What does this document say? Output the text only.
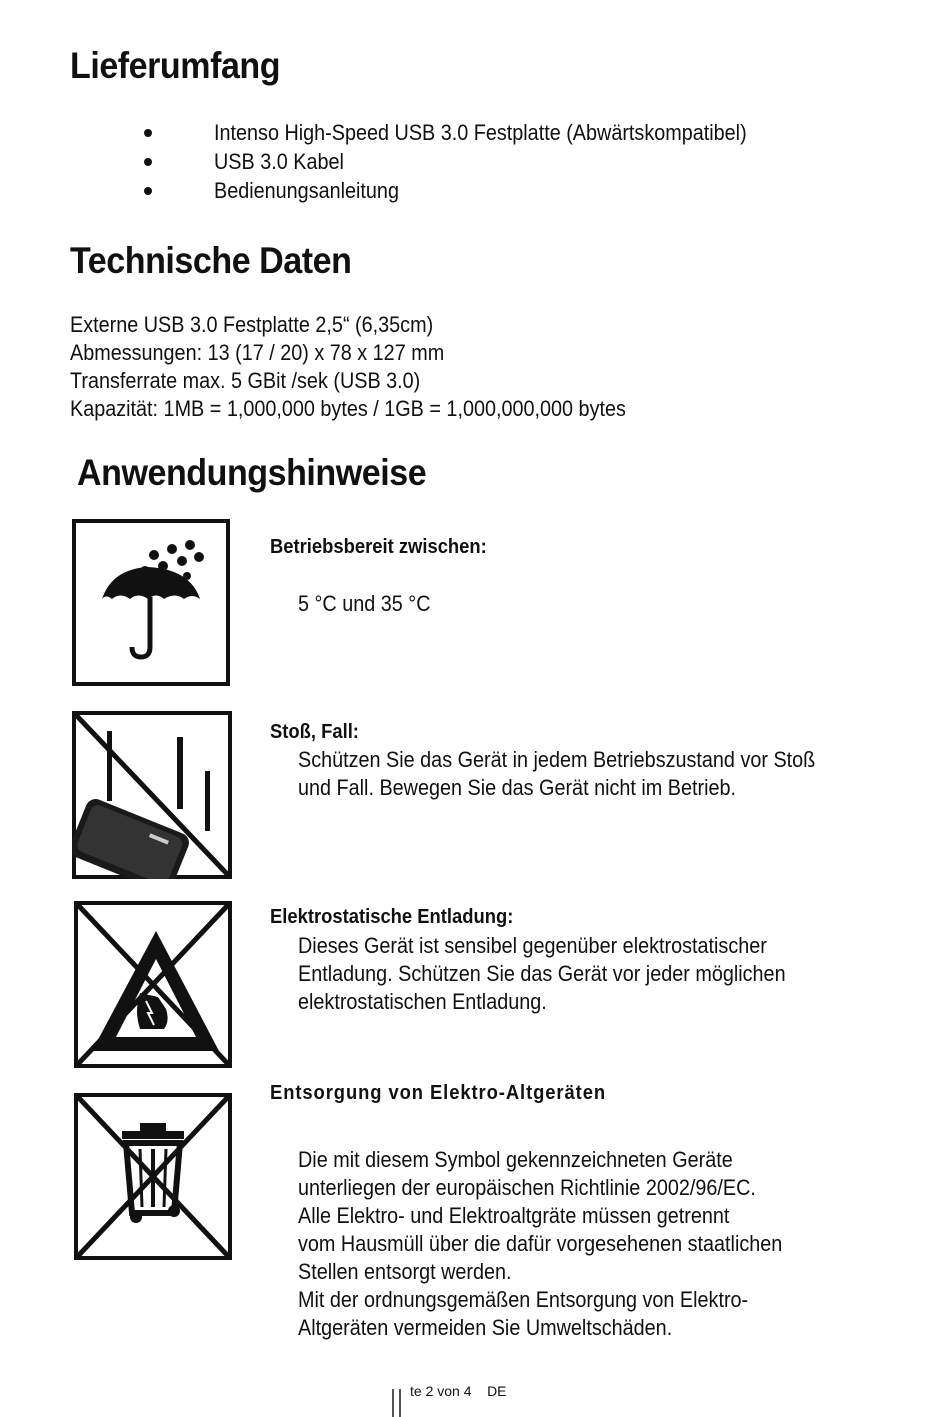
Lieferumfang
Intenso High-Speed USB 3.0 Festplatte (Abwärtskompatibel)
USB 3.0 Kabel
Bedienungsanleitung
Technische Daten
Externe USB 3.0 Festplatte 2,5“ (6,35cm)
Abmessungen: 13 (17 / 20) x 78 x 127 mm
Transferrate max. 5 GBit /sek (USB 3.0)
Kapazität: 1MB = 1,000,000 bytes / 1GB = 1,000,000,000 bytes
Anwendungshinweise
Betriebsbereit zwischen:
5 °C und 35 °C
Stoß, Fall:
Schützen Sie das Gerät in jedem Betriebszustand vor Stoß
und Fall. Bewegen Sie das Gerät nicht im Betrieb.
Elektrostatische Entladung:
Dieses Gerät ist sensibel gegenüber elektrostatischer
Entladung. Schützen Sie das Gerät vor jeder möglichen
elektrostatischen Entladung.
Entsorgung von Elektro-Altgeräten
Die mit diesem Symbol gekennzeichneten Geräte
unterliegen der europäischen Richtlinie 2002/96/EC.
Alle Elektro- und Elektroaltgräte müssen getrennt
vom Hausmüll über die dafür vorgesehenen staatlichen
Stellen entsorgt werden.
Mit der ordnungsgemäßen Entsorgung von Elektro-
Altgeräten vermeiden Sie Umweltschäden.
te 2 von 4 DE
